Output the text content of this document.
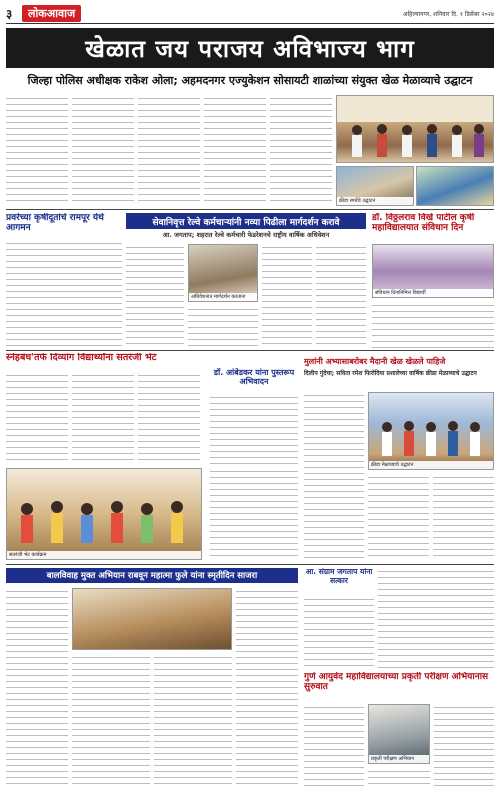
३	लोकआवाज	अहिल्यानगर, शनिवार दि. १ डिसेंबर २०२४
खेळात जय पराजय अविभाज्य भाग
जिल्हा पोलिस अधीक्षक राकेश ओला; अहमदनगर एज्युकेशन सोसायटी शाळांच्या संयुक्त खेळ मेळाव्याचे उद्घाटन
क्रीडा स्पर्धेचे उद्घाटन
प्रवरेच्या कृषीदूतांचे रामपूर येथे आगमन
सेवानिवृत्त रेल्वे कर्मचाऱ्यांनी नव्या पिढीला मार्गदर्शन करावे
आ. जगताप; शहरात रेल्वे कर्मचारी फेडरेशनचे राष्ट्रीय वार्षिक अधिवेशन
डॉ. विठ्ठलराव विखे पाटील कृषी महाविद्यालयात संविधान दिन
अधिवेशनात मार्गदर्शन करताना
संविधान दिनानिमित्त विद्यार्थी
स्नेहबंध'तर्फे दिव्यांग विद्यार्थ्यांना सतरंजी भेट
डॉ. आंबेडकर यांना पुस्तरूप अभिवादन
मुलांनी अभ्यासाबरोबर मैदानी खेळ खेळले पाहिजे
सतरंजी भेट कार्यक्रम
दिलीप गुंदेचा; सविता रमेश फिरोदिया प्रशालेच्या वार्षिक क्रीडा मेळाव्याचे उद्घाटन
क्रीडा मेळाव्याचे उद्घाटन
बालविवाह मुक्त अभियान राबवून महात्मा फुले यांना स्मृतीदिन साजरा	आ. संग्राम जगताप यांना सत्कार
गुणे आयुर्वेद महाविद्यालयाच्या प्रकृती परीक्षण अभियानास सुरुवात
प्रकृती परीक्षण अभियान
